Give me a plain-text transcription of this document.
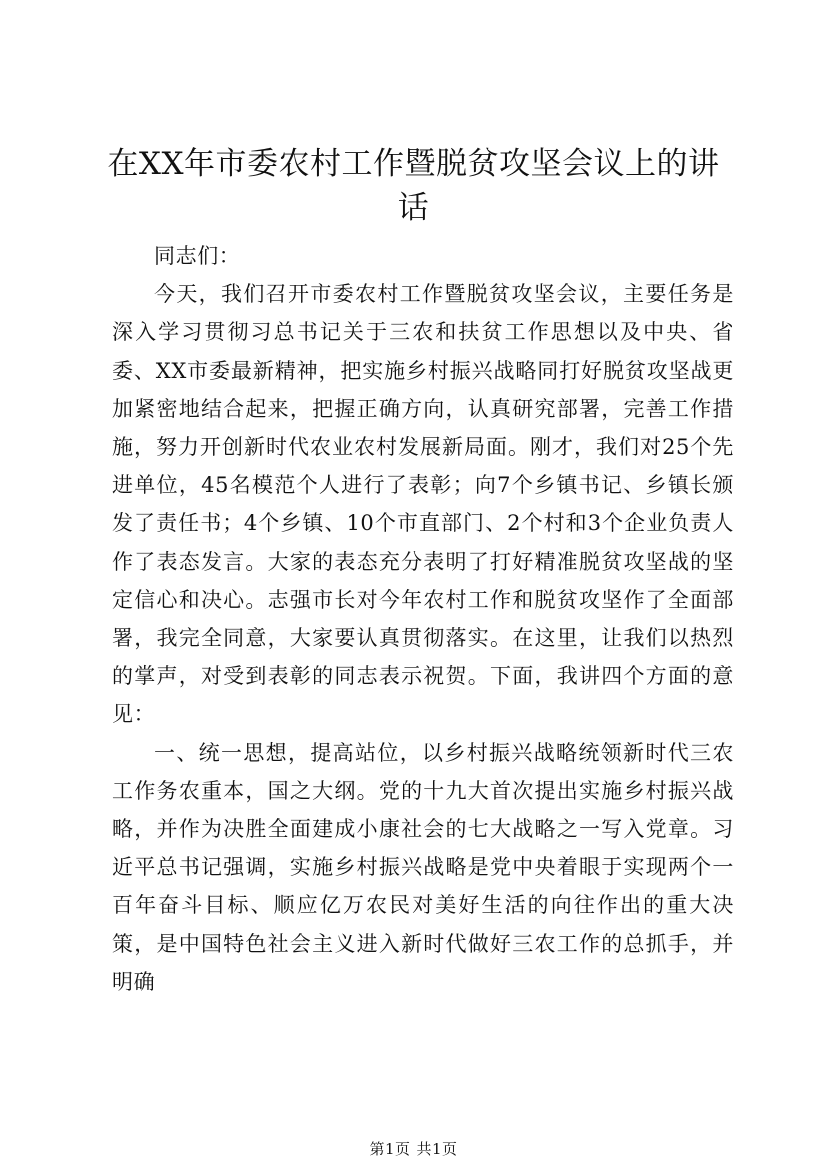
在XX年市委农村工作暨脱贫攻坚会议上的讲话

同志们：

今天，我们召开市委农村工作暨脱贫攻坚会议，主要任务是深入学习贯彻习总书记关于三农和扶贫工作思想以及中央、省委、XX市委最新精神，把实施乡村振兴战略同打好脱贫攻坚战更加紧密地结合起来，把握正确方向，认真研究部署，完善工作措施，努力开创新时代农业农村发展新局面。刚才，我们对25个先进单位，45名模范个人进行了表彰；向7个乡镇书记、乡镇长颁发了责任书；4个乡镇、10个市直部门、2个村和3个企业负责人作了表态发言。大家的表态充分表明了打好精准脱贫攻坚战的坚定信心和决心。志强市长对今年农村工作和脱贫攻坚作了全面部署，我完全同意，大家要认真贯彻落实。在这里，让我们以热烈的掌声，对受到表彰的同志表示祝贺。下面，我讲四个方面的意见：

一、统一思想，提高站位，以乡村振兴战略统领新时代三农工作务农重本，国之大纲。党的十九大首次提出实施乡村振兴战略，并作为决胜全面建成小康社会的七大战略之一写入党章。习近平总书记强调，实施乡村振兴战略是党中央着眼于实现两个一百年奋斗目标、顺应亿万农民对美好生活的向往作出的重大决策，是中国特色社会主义进入新时代做好三农工作的总抓手，并明确

第1页 共1页
